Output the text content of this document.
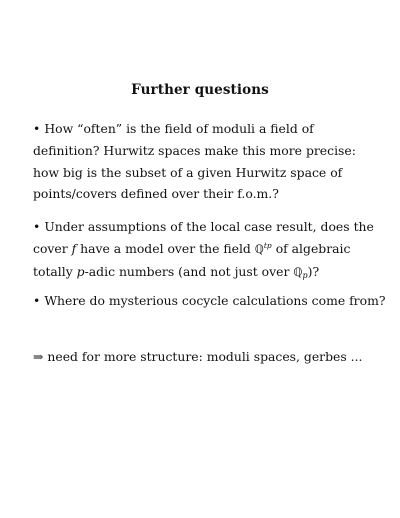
Further questions
• How “often” is the field of moduli a field of
definition? Hurwitz spaces make this more precise:
how big is the subset of a given Hurwitz space of
points/covers defined over their f.o.m.?
• Under assumptions of the local case result, does the
cover f have a model over the field ℚ$^{tp}$ of algebraic
totally p-adic numbers (and not just over ℚ$_p$)?
• Where do mysterious cocycle calculations come from?
⇒ need for more structure: moduli spaces, gerbes ...
